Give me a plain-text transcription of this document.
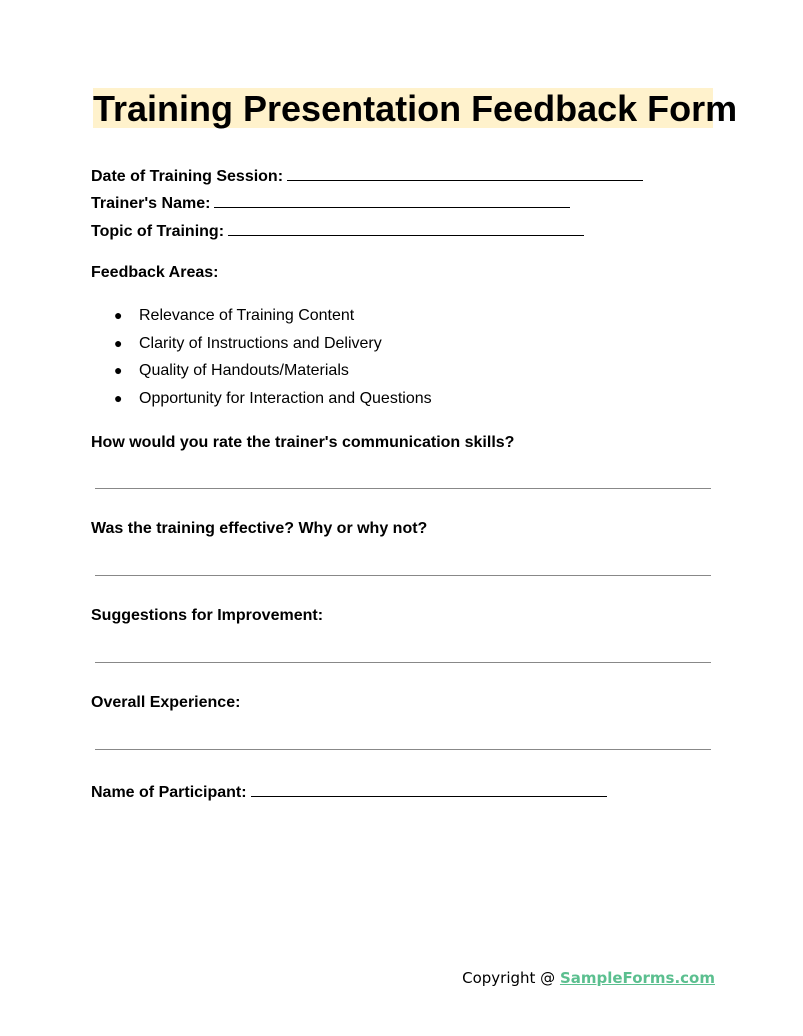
Training Presentation Feedback Form
Date of Training Session:
Trainer's Name:
Topic of Training:
Feedback Areas:
● Relevance of Training Content
● Clarity of Instructions and Delivery
● Quality of Handouts/Materials
● Opportunity for Interaction and Questions
How would you rate the trainer's communication skills?
Was the training effective? Why or why not?
Suggestions for Improvement:
Overall Experience:
Name of Participant:
Copyright @ SampleForms.com
